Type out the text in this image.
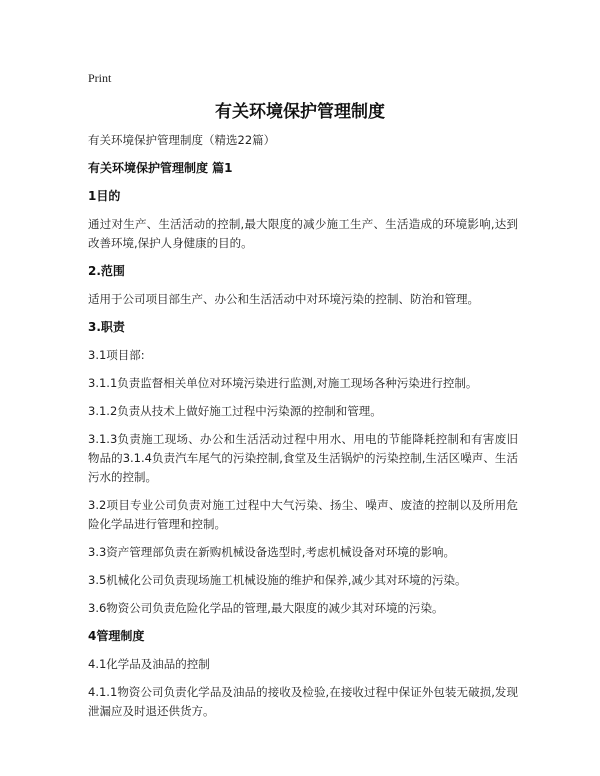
Print
有关环境保护管理制度

有关环境保护管理制度（精选22篇）

有关环境保护管理制度 篇1

1目的

通过对生产、生活活动的控制,最大限度的减少施工生产、生活造成的环境影响,达到改善环境,保护人身健康的目的。

2.范围

适用于公司项目部生产、办公和生活活动中对环境污染的控制、防治和管理。

3.职责

3.1项目部:

3.1.1负责监督相关单位对环境污染进行监测,对施工现场各种污染进行控制。

3.1.2负责从技术上做好施工过程中污染源的控制和管理。

3.1.3负责施工现场、办公和生活活动过程中用水、用电的节能降耗控制和有害废旧物品的3.1.4负责汽车尾气的污染控制,食堂及生活锅炉的污染控制,生活区噪声、生活污水的控制。

3.2项目专业公司负责对施工过程中大气污染、扬尘、噪声、废渣的控制以及所用危险化学品进行管理和控制。

3.3资产管理部负责在新购机械设备选型时,考虑机械设备对环境的影响。

3.5机械化公司负责现场施工机械设施的维护和保养,减少其对环境的污染。

3.6物资公司负责危险化学品的管理,最大限度的减少其对环境的污染。

4管理制度

4.1化学品及油品的控制

4.1.1物资公司负责化学品及油品的接收及检验,在接收过程中保证外包装无破损,发现泄漏应及时退还供货方。
